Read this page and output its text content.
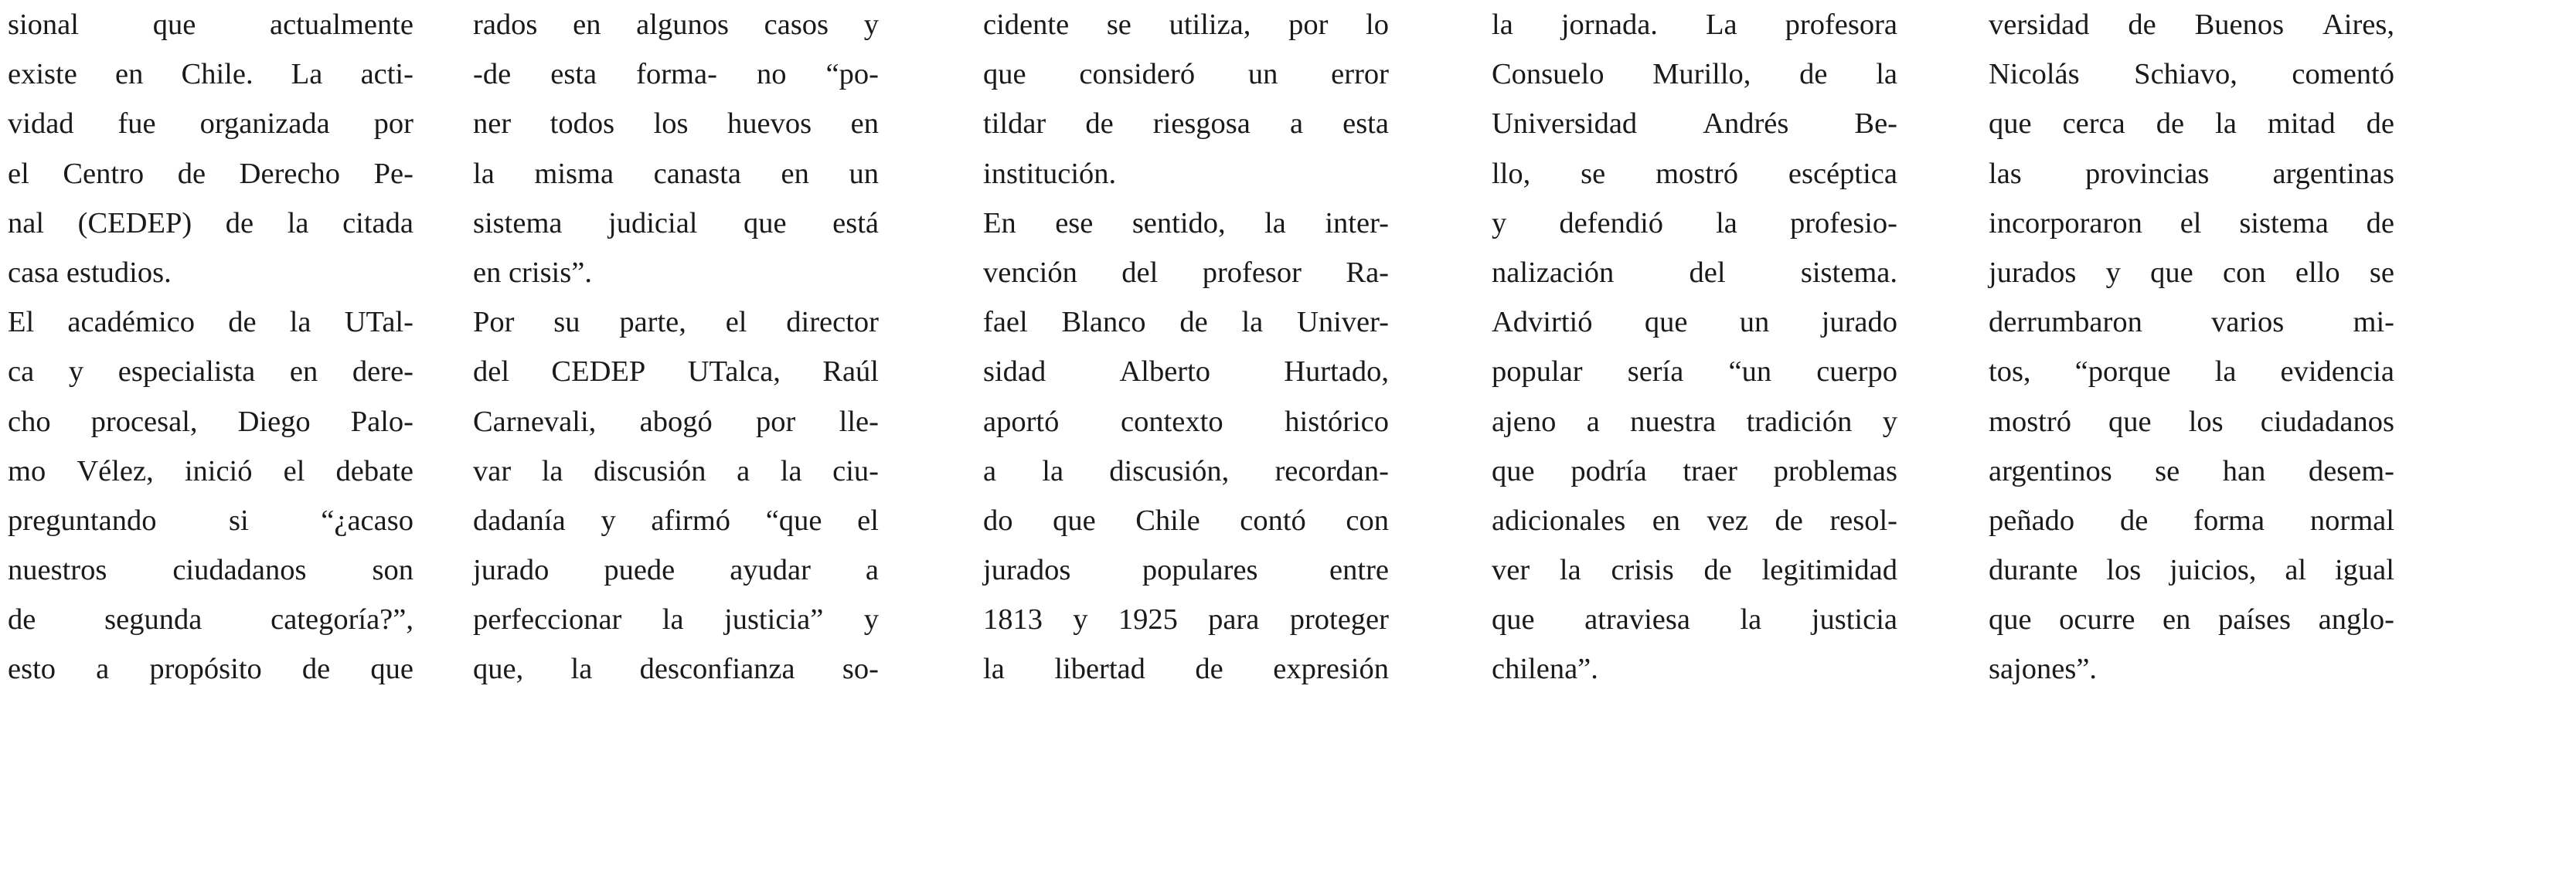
sional que actualmente
existe en Chile. La acti-
vidad fue organizada por
el Centro de Derecho Pe-
nal (CEDEP) de la citada
casa estudios.
El académico de la UTal-
ca y especialista en dere-
cho procesal, Diego Palo-
mo Vélez, inició el debate
preguntando si “¿acaso
nuestros ciudadanos son
de segunda categoría?”,
esto a propósito de que
rados en algunos casos y
-de esta forma- no “po-
ner todos los huevos en
la misma canasta en un
sistema judicial que está
en crisis”.
Por su parte, el director
del CEDEP UTalca, Raúl
Carnevali, abogó por lle-
var la discusión a la ciu-
dadanía y afirmó “que el
jurado puede ayudar a
perfeccionar la justicia” y
que, la desconfianza so-
cidente se utiliza, por lo
que consideró un error
tildar de riesgosa a esta
institución.
En ese sentido, la inter-
vención del profesor Ra-
fael Blanco de la Univer-
sidad Alberto Hurtado,
aportó contexto histórico
a la discusión, recordan-
do que Chile contó con
jurados populares entre
1813 y 1925 para proteger
la libertad de expresión
la jornada. La profesora
Consuelo Murillo, de la
Universidad Andrés Be-
llo, se mostró escéptica
y defendió la profesio-
nalización	del	sistema.
Advirtió que un jurado
popular sería “un cuerpo
ajeno a nuestra tradición y
que podría traer problemas
adicionales en vez de resol-
ver la crisis de legitimidad
que atraviesa la justicia
chilena”.
versidad de Buenos Aires,
Nicolás Schiavo, comentó
que cerca de la mitad de
las provincias argentinas
incorporaron el sistema de
jurados y que con ello se
derrumbaron varios mi-
tos, “porque la evidencia
mostró que los ciudadanos
argentinos se han desem-
peñado de forma normal
durante los juicios, al igual
que ocurre en países anglo-
sajones”.
